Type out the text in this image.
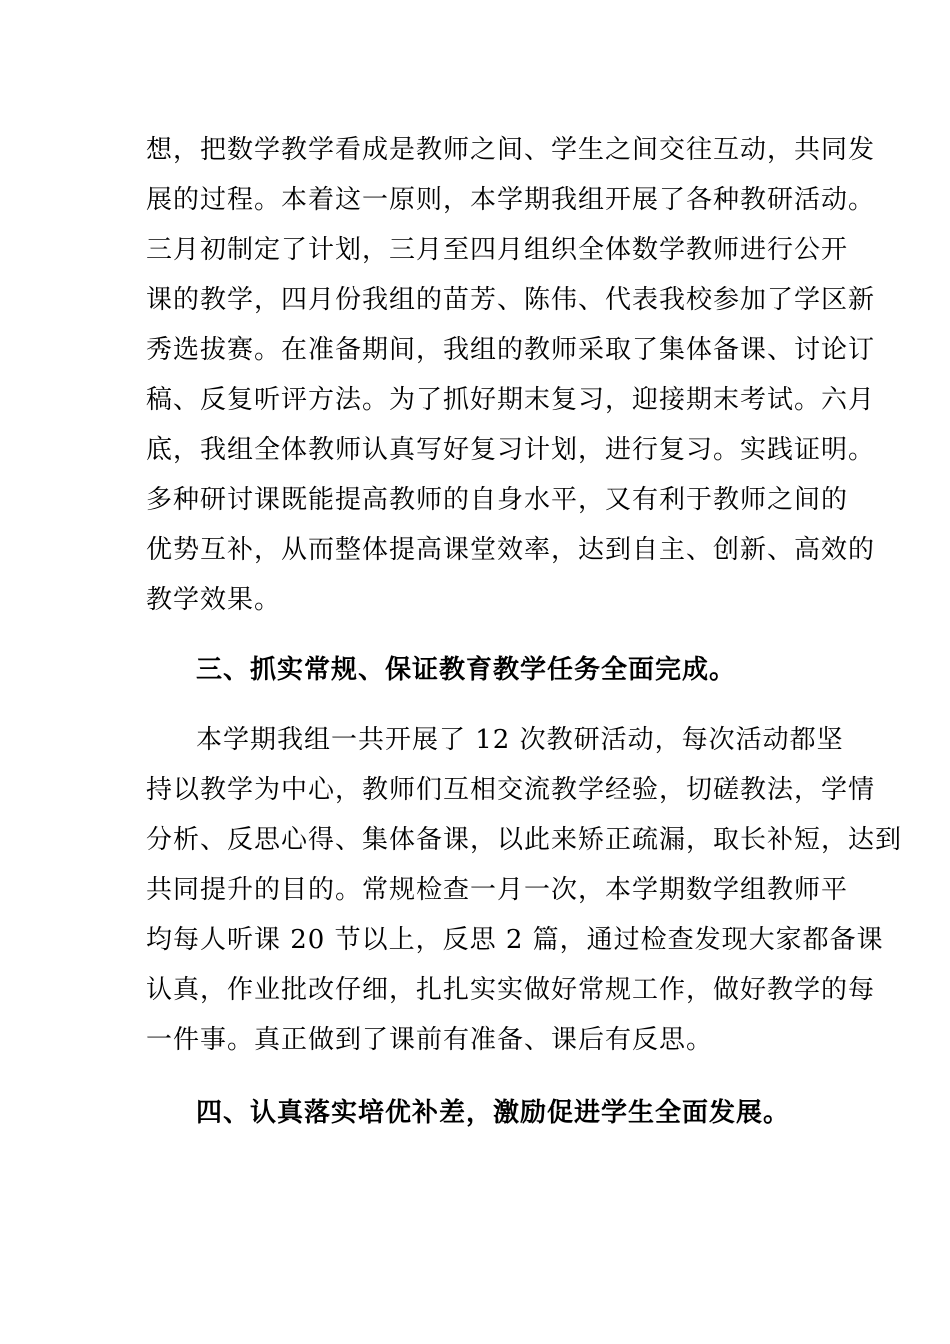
想，把数学教学看成是教师之间、学生之间交往互动，共同发
展的过程。本着这一原则，本学期我组开展了各种教研活动。
三月初制定了计划，三月至四月组织全体数学教师进行公开
课的教学，四月份我组的苗芳、陈伟、代表我校参加了学区新
秀选拔赛。在准备期间，我组的教师采取了集体备课、讨论订
稿、反复听评方法。为了抓好期末复习，迎接期末考试。六月
底，我组全体教师认真写好复习计划，进行复习。实践证明。
多种研讨课既能提高教师的自身水平，又有利于教师之间的
优势互补，从而整体提高课堂效率，达到自主、创新、高效的
教学效果。
三、抓实常规、保证教育教学任务全面完成。
本学期我组一共开展了 12 次教研活动，每次活动都坚
持以教学为中心，教师们互相交流教学经验，切磋教法，学情
分析、反思心得、集体备课，以此来矫正疏漏，取长补短，达到
共同提升的目的。常规检查一月一次，本学期数学组教师平
均每人听课 20 节以上，反思 2 篇，通过检查发现大家都备课
认真，作业批改仔细，扎扎实实做好常规工作，做好教学的每
一件事。真正做到了课前有准备、课后有反思。
四、认真落实培优补差，激励促进学生全面发展。
